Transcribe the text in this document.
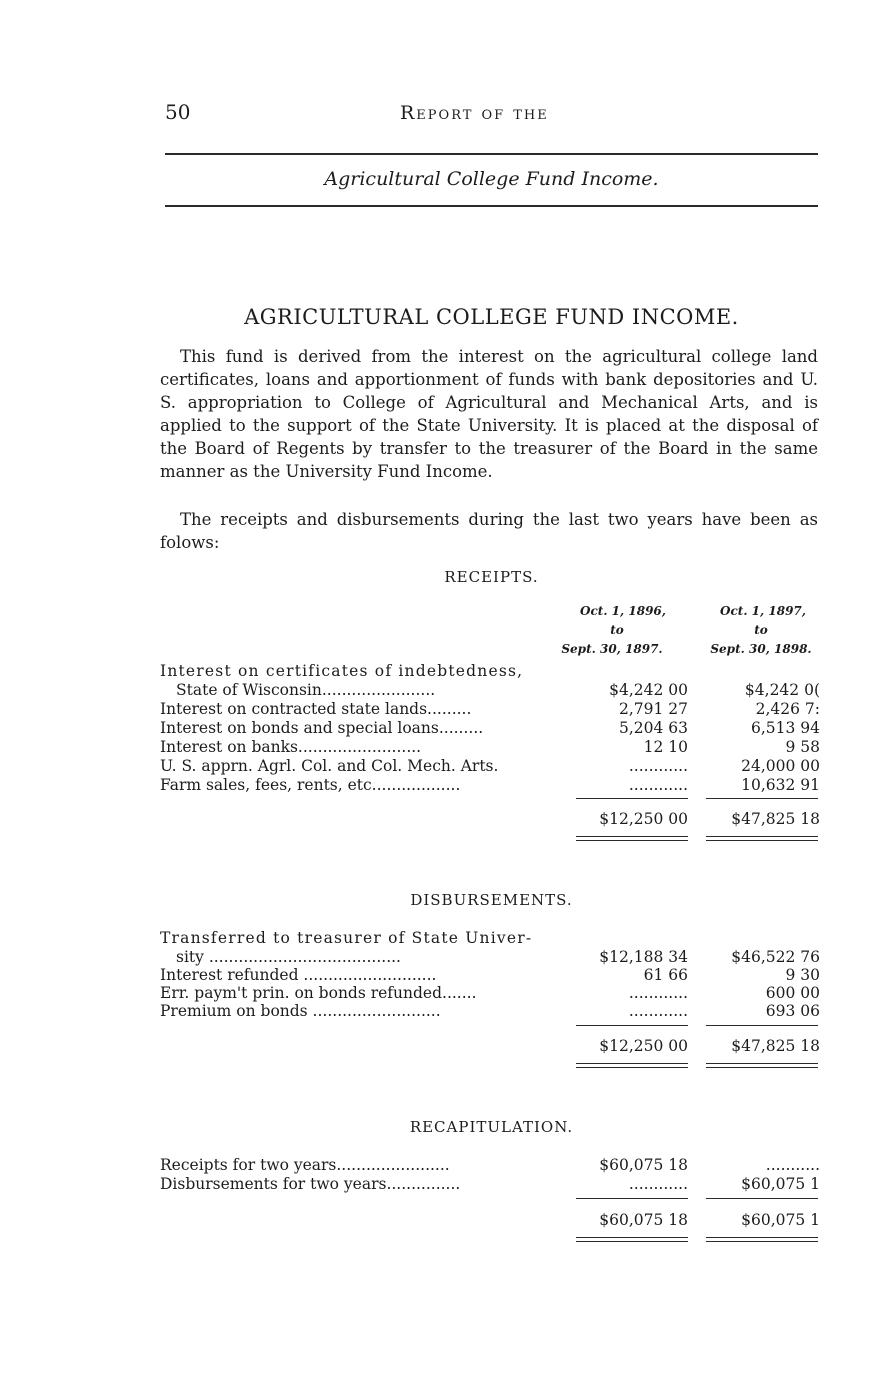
50	Report of the
Agricultural College Fund Income.
AGRICULTURAL COLLEGE FUND INCOME.
This fund is derived from the interest on the agricultural college land certificates, loans and apportionment of funds with bank depositories and U. S. appropriation to College of Agricultural and Mechanical Arts, and is applied to the support of the State University. It is placed at the disposal of the Board of Regents by transfer to the treasurer of the Board in the same manner as the University Fund Income.
The receipts and disbursements during the last two years have been as folows:
RECEIPTS.
Oct. 1, 1896,
to
Sept. 30, 1897.
Oct. 1, 1897,
to
Sept. 30, 1898.
Interest on certificates of indebtedness,
State of Wisconsin.......................	$4,242 00	$4,242 0(
Interest on contracted state lands.........	2,791 27	2,426 7:
Interest on bonds and special loans.........	5,204 63	6,513 94
Interest on banks.........................	12 10	9 58
U. S. apprn. Agrl. Col. and Col. Mech. Arts.	............	24,000 00
Farm sales, fees, rents, etc..................	............	10,632 91
$12,250 00	$47,825 18
DISBURSEMENTS.
Transferred to treasurer of State Univer-
sity .......................................	$12,188 34	$46,522 76
Interest refunded ...........................	61 66	9 30
Err. paym't prin. on bonds refunded.......	............	600 00
Premium on bonds ..........................	............	693 06
$12,250 00	$47,825 18
RECAPITULATION.
Receipts for two years.......................	$60,075 18	...........
Disbursements for two years...............	............	$60,075 1
$60,075 18	$60,075 1
